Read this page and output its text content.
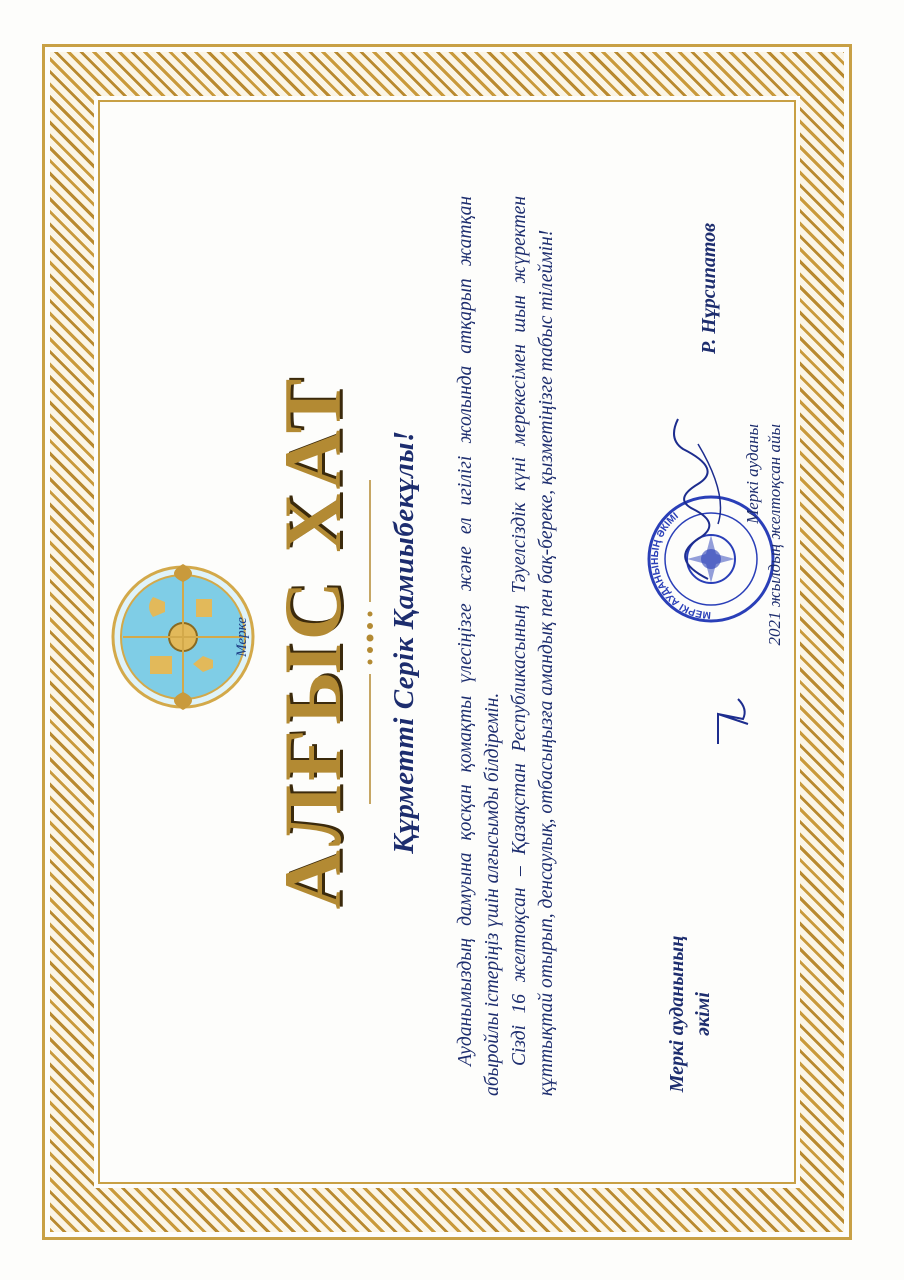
Мерке АЛҒЫС ХАТ Құрметті Серік Қамиыбекұлы! Ауданымыздың дамуына қосқан қомақты үлесіңізге және ел игілігі жолында атқарып жатқан абыройлы істеріңіз үшін алғысымды білдіремін. Сізді 16 желтоқсан – Қазақстан Республикасының Тәуелсіздік күні мерекесімен шын жүректен құттықтай отырып, денсаулық, отбасыңызға амандық пен бақ-береке, қызметіңізге табыс тілеймін!	Меркі ауданының әкімі
МЕРКІ АУДАНЫНЫҢ ӘКІМІ
Р. Нұрсипатов
Меркі ауданы 2021 жылдың желтоқсан айы
